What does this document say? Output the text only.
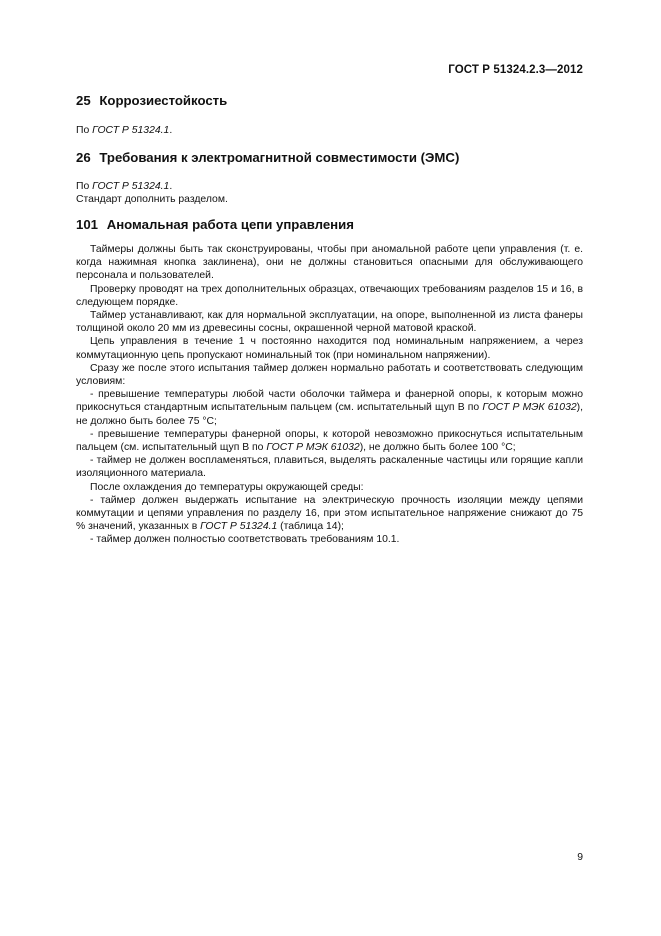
ГОСТ Р 51324.2.3—2012
25 Коррозиестойкость
По ГОСТ Р 51324.1.
26 Требования к электромагнитной совместимости (ЭМС)
По ГОСТ Р 51324.1.
Стандарт дополнить разделом.
101 Аномальная работа цепи управления

Таймеры должны быть так сконструированы, чтобы при аномальной работе цепи управления (т. е. когда нажимная кнопка заклинена), они не должны становиться опасными для обслуживающего персонала и пользователей.

Проверку проводят на трех дополнительных образцах, отвечающих требованиям разделов 15 и 16, в следующем порядке.

Таймер устанавливают, как для нормальной эксплуатации, на опоре, выполненной из листа фанеры толщиной около 20 мм из древесины сосны, окрашенной черной матовой краской.

Цепь управления в течение 1 ч постоянно находится под номинальным напряжением, а через коммутационную цепь пропускают номинальный ток (при номинальном напряжении).

Сразу же после этого испытания таймер должен нормально работать и соответствовать следующим условиям:

- превышение температуры любой части оболочки таймера и фанерной опоры, к которым можно прикоснуться стандартным испытательным пальцем (см. испытательный щуп В по ГОСТ Р МЭК 61032), не должно быть более 75 °С;

- превышение температуры фанерной опоры, к которой невозможно прикоснуться испытательным пальцем (см. испытательный щуп В по ГОСТ Р МЭК 61032), не должно быть более 100 °С;

- таймер не должен воспламеняться, плавиться, выделять раскаленные частицы или горящие капли изоляционного материала.

После охлаждения до температуры окружающей среды:

- таймер должен выдержать испытание на электрическую прочность изоляции между цепями коммутации и цепями управления по разделу 16, при этом испытательное напряжение снижают до 75 % значений, указанных в ГОСТ Р 51324.1 (таблица 14);

- таймер должен полностью соответствовать требованиям 10.1.

9
